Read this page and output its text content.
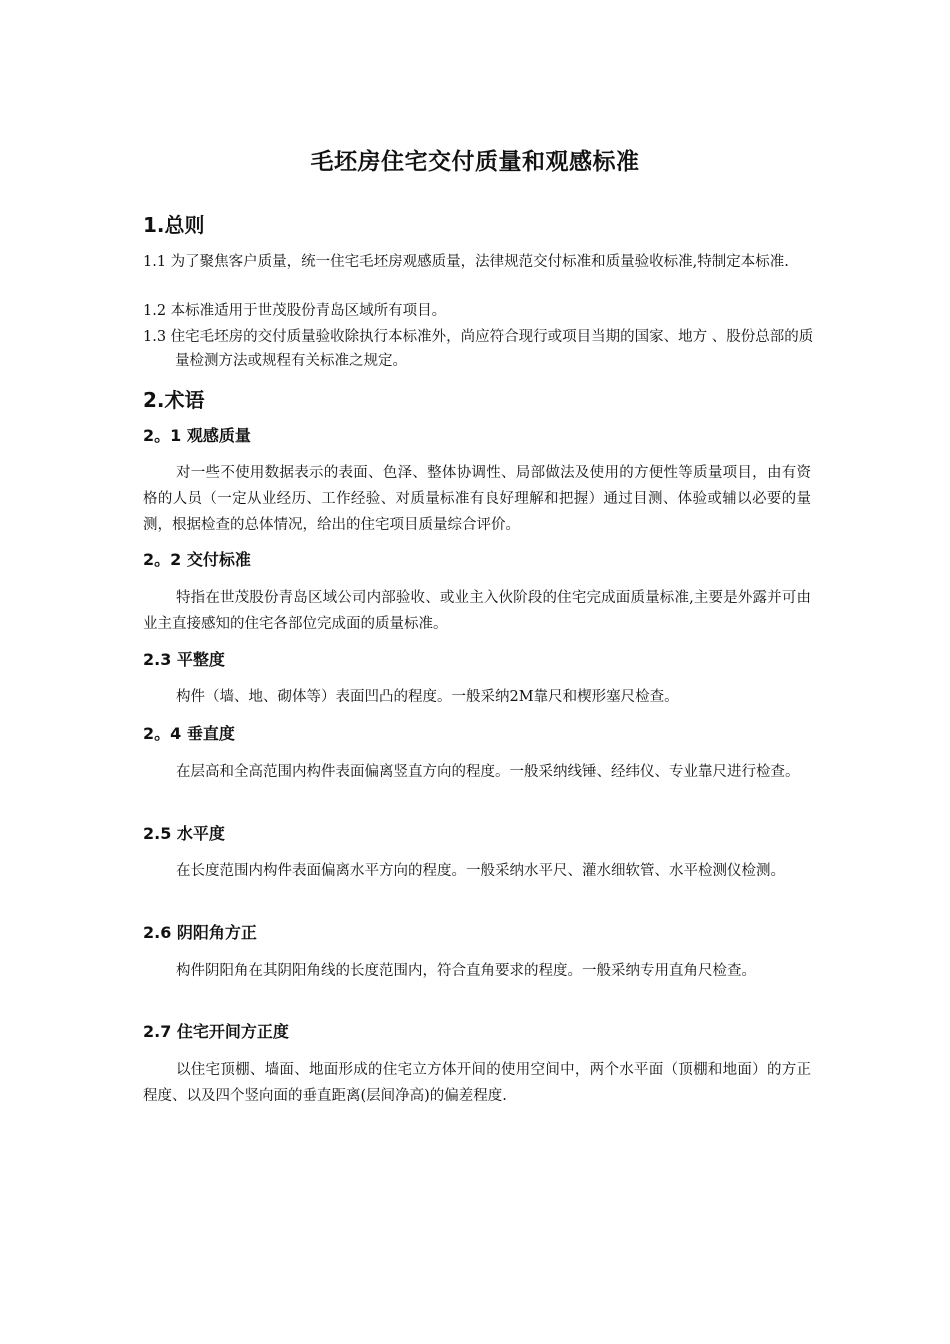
毛坯房住宅交付质量和观感标准
1.总则
1.1 为了聚焦客户质量，统一住宅毛坯房观感质量，法律规范交付标准和质量验收标准,特制定本标准.
1.2 本标准适用于世茂股份青岛区域所有项目。
1.3 住宅毛坯房的交付质量验收除执行本标准外，尚应符合现行或项目当期的国家、地方 、股份总部的质量检测方法或规程有关标准之规定。
2.术语
2。1 观感质量
对一些不使用数据表示的表面、色泽、整体协调性、局部做法及使用的方便性等质量项目，由有资格的人员（一定从业经历、工作经验、对质量标准有良好理解和把握）通过目测、体验或辅以必要的量测，根据检查的总体情况，给出的住宅项目质量综合评价。
2。2 交付标准
特指在世茂股份青岛区域公司内部验收、或业主入伙阶段的住宅完成面质量标准,主要是外露并可由业主直接感知的住宅各部位完成面的质量标准。
2.3 平整度
构件（墙、地、砌体等）表面凹凸的程度。一般采纳2M靠尺和楔形塞尺检查。
2。4 垂直度
在层高和全高范围内构件表面偏离竖直方向的程度。一般采纳线锤、经纬仪、专业靠尺进行检查。
2.5 水平度
在长度范围内构件表面偏离水平方向的程度。一般采纳水平尺、灌水细软管、水平检测仪检测。
2.6 阴阳角方正
构件阴阳角在其阴阳角线的长度范围内，符合直角要求的程度。一般采纳专用直角尺检查。
2.7 住宅开间方正度
以住宅顶棚、墙面、地面形成的住宅立方体开间的使用空间中，两个水平面（顶棚和地面）的方正程度、以及四个竖向面的垂直距离(层间净高)的偏差程度.
